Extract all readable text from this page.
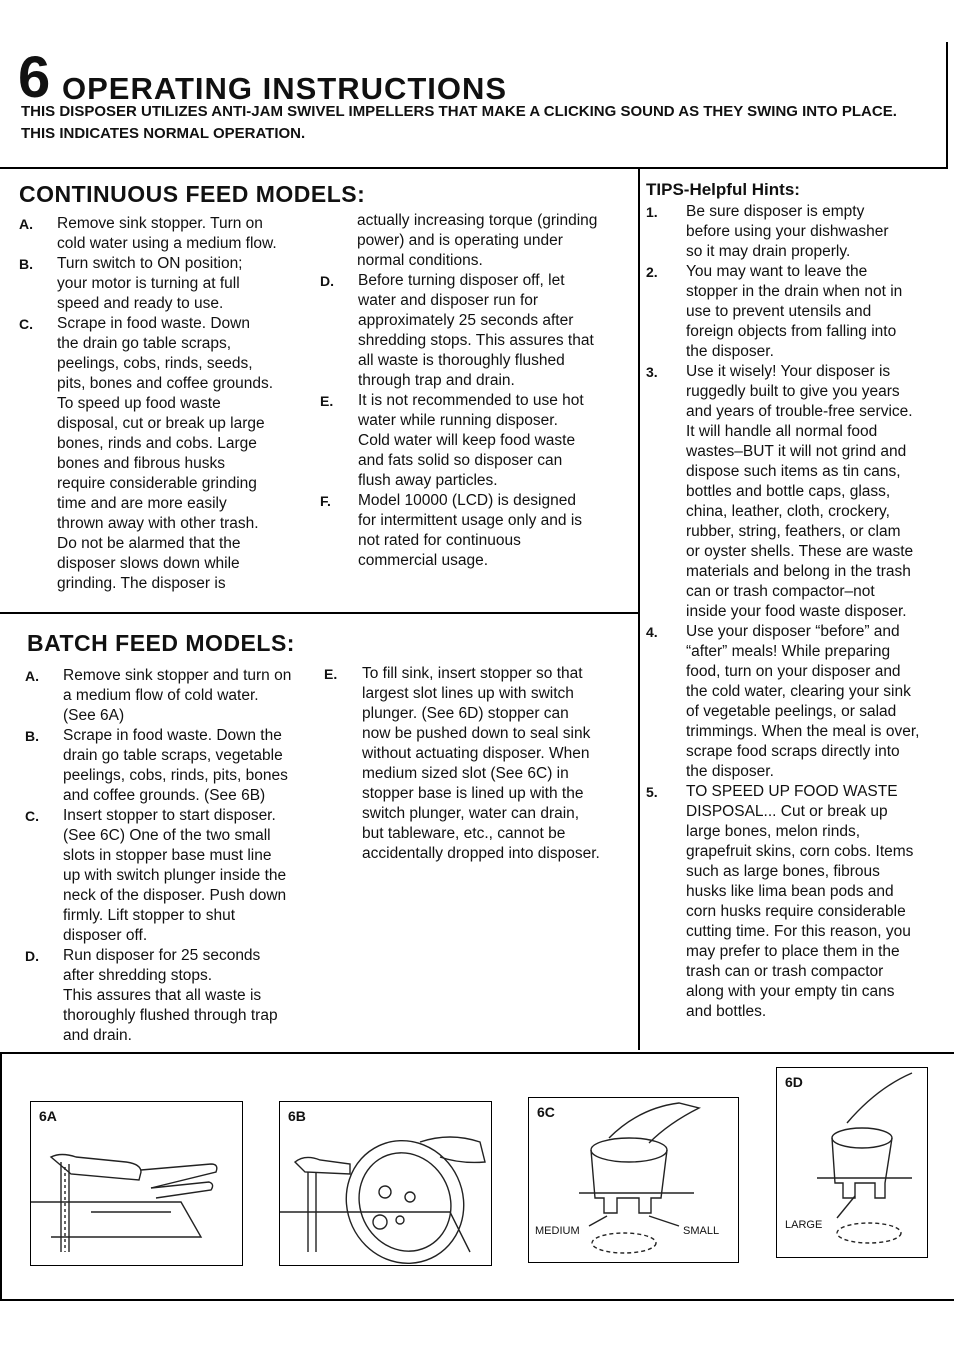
6 OPERATING INSTRUCTIONS
THIS DISPOSER UTILIZES ANTI-JAM SWIVEL IMPELLERS THAT MAKE A CLICKING SOUND AS THEY SWING INTO PLACE. THIS INDICATES NORMAL OPERATION.
CONTINUOUS FEED MODELS:
A.	Remove sink stopper. Turn on
cold water using a medium flow.
B.	Turn switch to ON position;
your motor is turning at full
speed and ready to use.
C.	Scrape in food waste. Down
the drain go table scraps,
peelings, cobs, rinds, seeds,
pits, bones and coffee grounds.
To speed up food waste
disposal, cut or break up large
bones, rinds and cobs. Large
bones and fibrous husks
require considerable grinding
time and are more easily
thrown away with other trash.
Do not be alarmed that the
disposer slows down while
grinding. The disposer is
actually increasing torque (grinding
power) and is operating under
normal conditions.
D.	Before turning disposer off, let
water and disposer run for
approximately 25 seconds after
shredding stops. This assures that
all waste is thoroughly flushed
through trap and drain.
E.	It is not recommended to use hot
water while running disposer.
Cold water will keep food waste
and fats solid so disposer can
flush away particles.
F.	Model 10000 (LCD) is designed
for intermittent usage only and is
not rated for continuous
commercial usage.
BATCH FEED MODELS:
A.	Remove sink stopper and turn on
a medium flow of cold water.
(See 6A)
B.	Scrape in food waste. Down the
drain go table scraps, vegetable
peelings, cobs, rinds, pits, bones
and coffee grounds. (See 6B)
C.	Insert stopper to start disposer.
(See 6C) One of the two small
slots in stopper base must line
up with switch plunger inside the
neck of the disposer. Push down
firmly. Lift stopper to shut
disposer off.
D.	Run disposer for 25 seconds
after shredding stops.
This assures that all waste is
thoroughly flushed through trap
and drain.
E.	To fill sink, insert stopper so that
largest slot lines up with switch
plunger. (See 6D) stopper can
now be pushed down to seal sink
without actuating disposer. When
medium sized slot (See 6C) in
stopper base is lined up with the
switch plunger, water can drain,
but tableware, etc., cannot be
accidentally dropped into disposer.
TIPS-Helpful Hints:
1.	Be sure disposer is empty
before using your dishwasher
so it may drain properly.
2.	You may want to leave the
stopper in the drain when not in
use to prevent utensils and
foreign objects from falling into
the disposer.
3.	Use it wisely! Your disposer is
ruggedly built to give you years
and years of trouble-free service.
It will handle all normal food
wastes–BUT it will not grind and
dispose such items as tin cans,
bottles and bottle caps, glass,
china, leather, cloth, crockery,
rubber, string, feathers, or clam
or oyster shells. These are waste
materials and belong in the trash
can or trash compactor–not
inside your food waste disposer.
4.	Use your disposer “before” and
“after” meals! While preparing
food, turn on your disposer and
the cold water, clearing your sink
of vegetable peelings, or salad
trimmings. When the meal is over,
scrape food scraps directly into
the disposer.
5.	TO SPEED UP FOOD WASTE
DISPOSAL... Cut or break up
large bones, melon rinds,
grapefruit skins, corn cobs. Items
such as large bones, fibrous
husks like lima bean pods and
corn husks require considerable
cutting time. For this reason, you
may prefer to place them in the
trash can or trash compactor
along with your empty tin cans
and bottles.
6A	6B	6C
MEDIUM	SMALL
6D
LARGE
